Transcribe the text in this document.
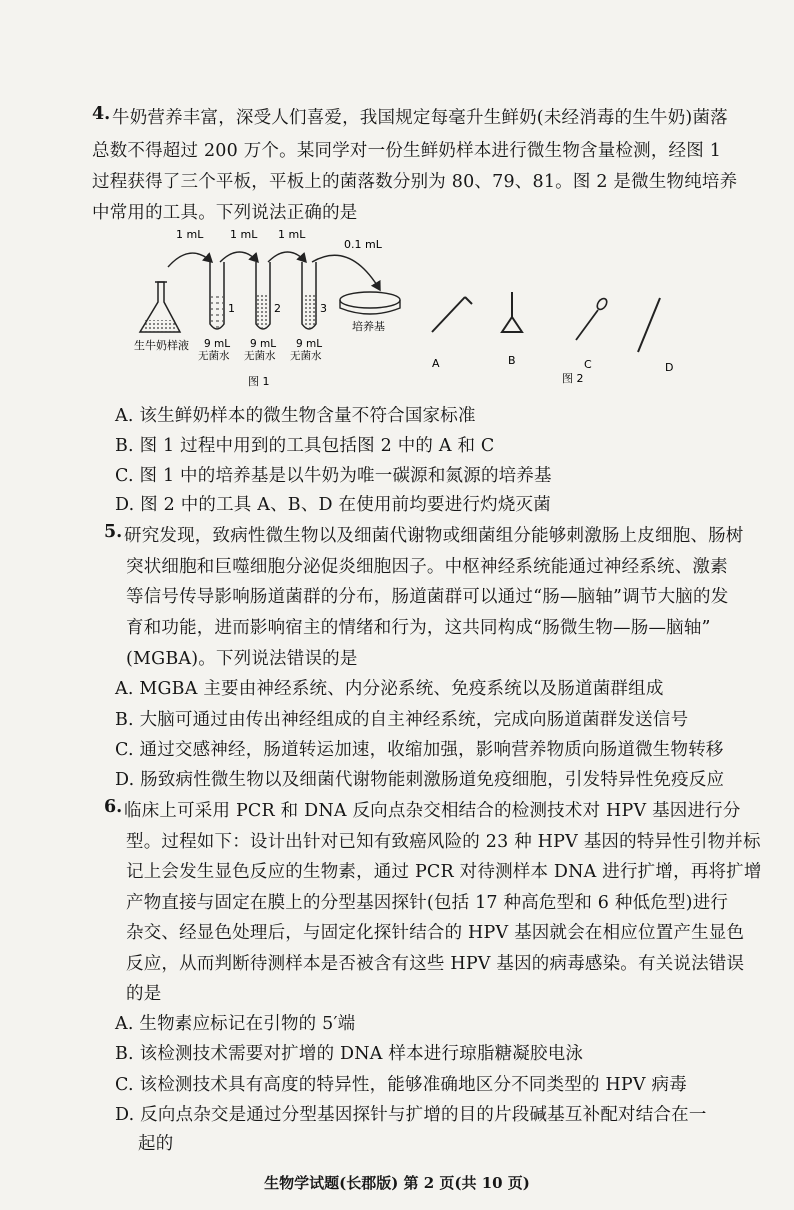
4. 牛奶营养丰富，深受人们喜爱，我国规定每毫升生鲜奶(未经消毒的生牛奶)菌落
总数不得超过 200 万个。某同学对一份生鲜奶样本进行微生物含量检测，经图 1
过程获得了三个平板，平板上的菌落数分别为 80、79、81。图 2 是微生物纯培养
中常用的工具。下列说法正确的是
1 mL 1 mL 1 mL
0.1 mL
生牛奶样液
1	2	3
9 mL 9 mL 9 mL
无菌水 无菌水 无菌水
培养基
图 1
A	B	C	D
图 2
A. 该生鲜奶样本的微生物含量不符合国家标准
B. 图 1 过程中用到的工具包括图 2 中的 A 和 C
C. 图 1 中的培养基是以牛奶为唯一碳源和氮源的培养基
D. 图 2 中的工具 A、B、D 在使用前均要进行灼烧灭菌
5. 研究发现，致病性微生物以及细菌代谢物或细菌组分能够刺激肠上皮细胞、肠树
突状细胞和巨噬细胞分泌促炎细胞因子。中枢神经系统能通过神经系统、激素
等信号传导影响肠道菌群的分布，肠道菌群可以通过“肠—脑轴”调节大脑的发
育和功能，进而影响宿主的情绪和行为，这共同构成“肠微生物—肠—脑轴”
(MGBA)。下列说法错误的是
A. MGBA 主要由神经系统、内分泌系统、免疫系统以及肠道菌群组成
B. 大脑可通过由传出神经组成的自主神经系统，完成向肠道菌群发送信号
C. 通过交感神经，肠道转运加速，收缩加强，影响营养物质向肠道微生物转移
D. 肠致病性微生物以及细菌代谢物能刺激肠道免疫细胞，引发特异性免疫反应
6. 临床上可采用 PCR 和 DNA 反向点杂交相结合的检测技术对 HPV 基因进行分
型。过程如下：设计出针对已知有致癌风险的 23 种 HPV 基因的特异性引物并标
记上会发生显色反应的生物素，通过 PCR 对待测样本 DNA 进行扩增，再将扩增
产物直接与固定在膜上的分型基因探针(包括 17 种高危型和 6 种低危型)进行
杂交、经显色处理后，与固定化探针结合的 HPV 基因就会在相应位置产生显色
反应，从而判断待测样本是否被含有这些 HPV 基因的病毒感染。有关说法错误
的是
A. 生物素应标记在引物的 5′端
B. 该检测技术需要对扩增的 DNA 样本进行琼脂糖凝胶电泳
C. 该检测技术具有高度的特异性，能够准确地区分不同类型的 HPV 病毒
D. 反向点杂交是通过分型基因探针与扩增的目的片段碱基互补配对结合在一
起的
生物学试题(长郡版) 第 2 页(共 10 页)
